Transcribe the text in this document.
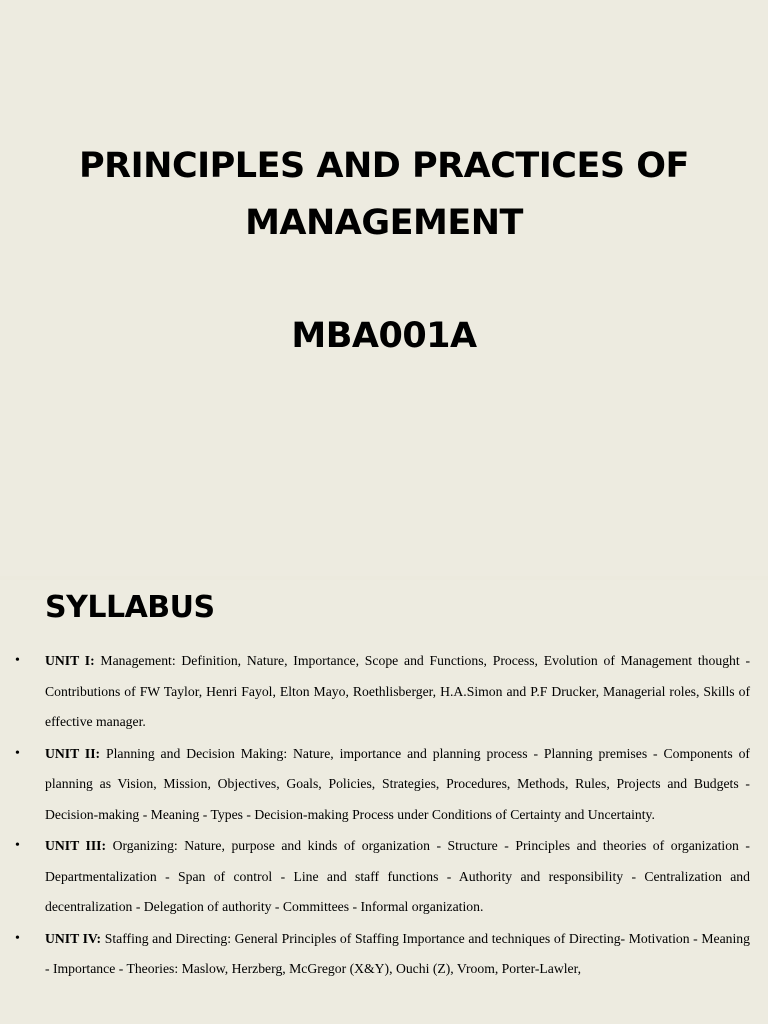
PRINCIPLES AND PRACTICES OF
MANAGEMENT
MBA001A
SYLLABUS
• UNIT I: Management: Definition, Nature, Importance, Scope and Functions, Process, Evolution of Management thought - Contributions of FW Taylor, Henri Fayol, Elton Mayo, Roethlisberger, H.A.Simon and P.F Drucker, Managerial roles, Skills of effective manager.
• UNIT II: Planning and Decision Making: Nature, importance and planning process - Planning premises - Components of planning as Vision, Mission, Objectives, Goals, Policies, Strategies, Procedures, Methods, Rules, Projects and Budgets - Decision-making - Meaning - Types - Decision-making Process under Conditions of Certainty and Uncertainty.
• UNIT III: Organizing: Nature, purpose and kinds of organization - Structure - Principles and theories of organization - Departmentalization - Span of control - Line and staff functions - Authority and responsibility - Centralization and decentralization - Delegation of authority - Committees - Informal organization.
• UNIT IV: Staffing and Directing: General Principles of Staffing Importance and techniques of Directing- Motivation - Meaning - Importance - Theories: Maslow, Herzberg, McGregor (X&Y), Ouchi (Z), Vroom, Porter-Lawler,
